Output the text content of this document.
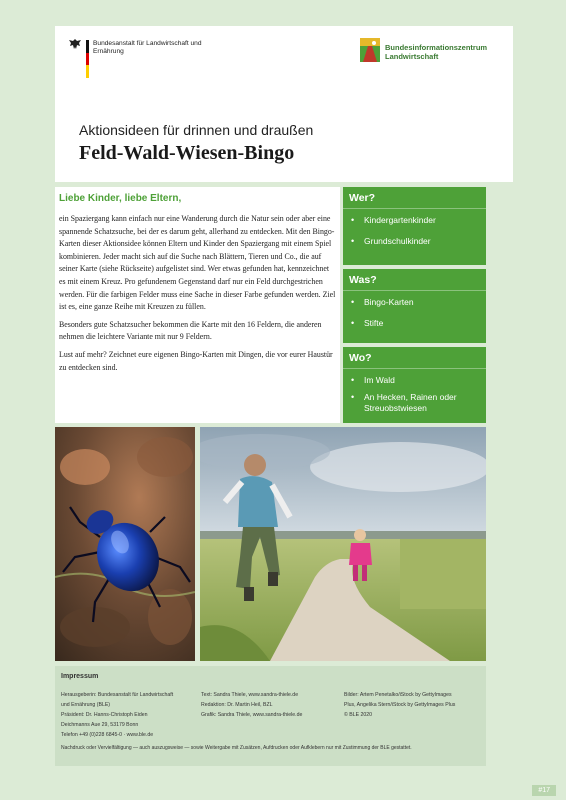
Bundesanstalt für Landwirtschaft und Ernährung	Bundesinformationszentrum
Landwirtschaft
Aktionsideen für drinnen und draußen
Feld-Wald-Wiesen-Bingo
Liebe Kinder, liebe Eltern,

ein Spaziergang kann einfach nur eine Wanderung durch die Natur sein oder aber eine spannende Schatzsuche, bei der es darum geht, allerhand zu entdecken. Mit den Bingo-Karten dieser Aktionsidee können Eltern und Kinder den Spaziergang mit einem Spiel kombinieren. Jeder macht sich auf die Suche nach Blättern, Tieren und Co., die auf seiner Karte (siehe Rückseite) aufgelistet sind. Wer etwas gefunden hat, kennzeichnet es mit einem Kreuz. Pro gefundenem Gegenstand darf nur ein Feld durchgestrichen werden. Für die farbigen Felder muss eine Sache in dieser Farbe gefunden werden. Ziel ist es, eine ganze Reihe mit Kreuzen zu füllen.

Besonders gute Schatzsucher bekommen die Karte mit den 16 Feldern, die anderen nehmen die leichtere Variante mit nur 9 Feldern.

Lust auf mehr? Zeichnet eure eigenen Bingo-Karten mit Dingen, die vor eurer Haustür zu entdecken sind.

Wer?
• Kindergartenkinder
• Grundschulkinder
Was?
• Bingo-Karten
• Stifte
Wo?
• Im Wald
• An Hecken, Rainen oder Streuobstwiesen
Impressum
Herausgeberin: Bundesanstalt für Landwirtschaft
und Ernährung (BLE)
Präsident: Dr. Hanns-Christoph Eiden
Deichmanns Aue 29, 53179 Bonn
Telefon +49 (0)228 6845-0 · www.ble.de
Text: Sandra Thiele, www.sandra-thiele.de
Redaktion: Dr. Martin Heil, BZL
Grafik: Sandra Thiele, www.sandra-thiele.de
Bilder: Artem Penetalko/iStock by GettyImages
Plus, Angelika Stern/iStock by GettyImages Plus
© BLE 2020
Nachdruck oder Vervielfältigung — auch auszugsweise — sowie Weitergabe mit Zusätzen, Aufdrucken oder Aufklebern nur mit Zustimmung der BLE gestattet.
#17
